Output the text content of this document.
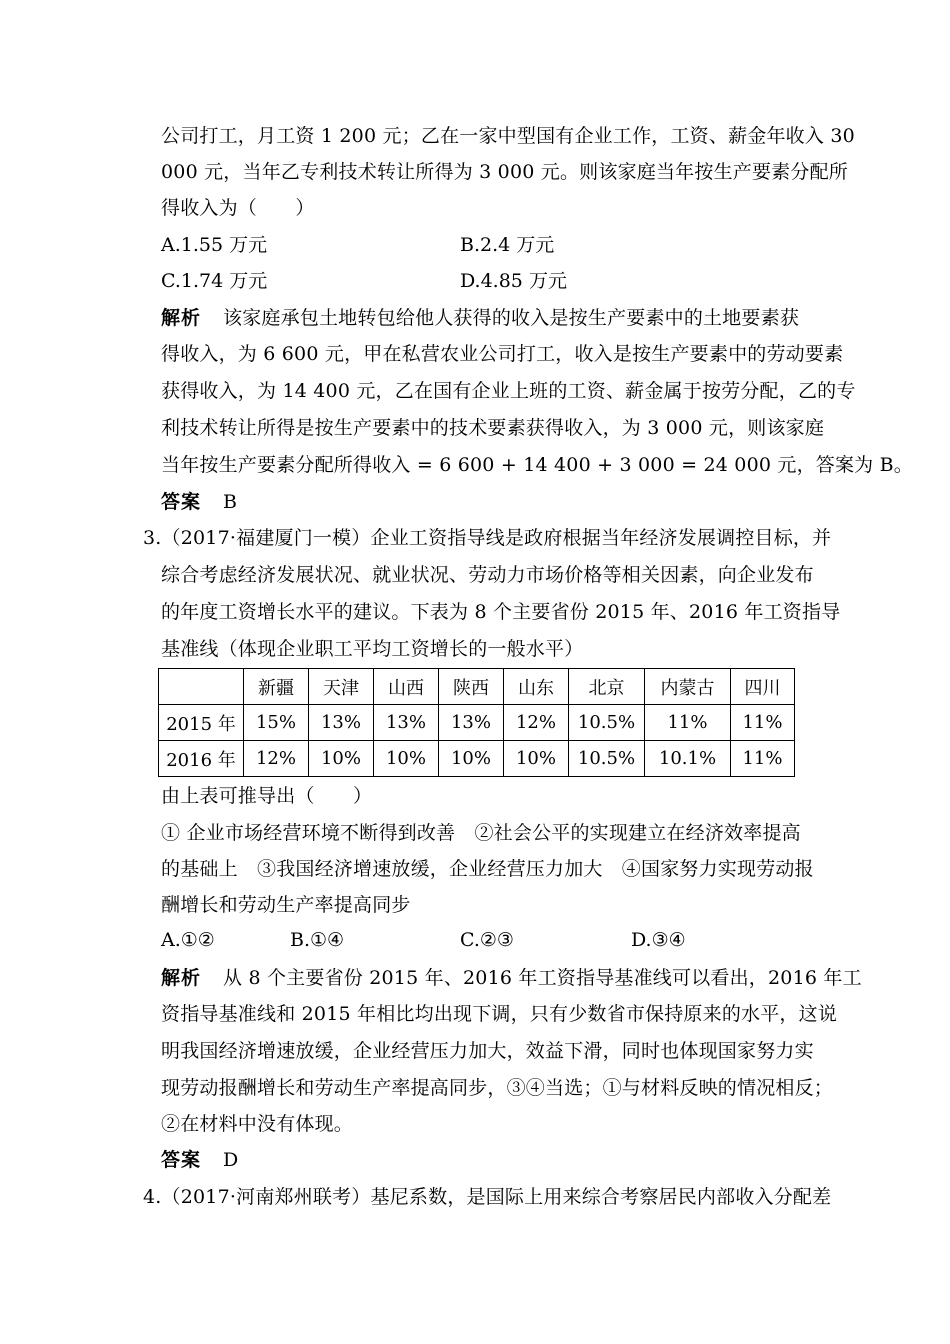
公司打工，月工资 1 200 元；乙在一家中型国有企业工作，工资、薪金年收入 30
000 元，当年乙专利技术转让所得为 3 000 元。则该家庭当年按生产要素分配所
得收入为（　　）
A.1.55 万元	B.2.4 万元
C.1.74 万元	D.4.85 万元
解析 该家庭承包土地转包给他人获得的收入是按生产要素中的土地要素获
得收入，为 6 600 元，甲在私营农业公司打工，收入是按生产要素中的劳动要素
获得收入，为 14 400 元，乙在国有企业上班的工资、薪金属于按劳分配，乙的专
利技术转让所得是按生产要素中的技术要素获得收入，为 3 000 元，则该家庭
当年按生产要素分配所得收入 = 6 600 + 14 400 + 3 000 = 24 000 元，答案为 B。
答案 B
3.（2017·福建厦门一模）企业工资指导线是政府根据当年经济发展调控目标，并
综合考虑经济发展状况、就业状况、劳动力市场价格等相关因素，向企业发布
的年度工资增长水平的建议。下表为 8 个主要省份 2015 年、2016 年工资指导
基准线（体现企业职工平均工资增长的一般水平）
	新疆	天津	山西	陕西	山东	北京	内蒙古	四川
2015 年	15%	13%	13%	13%	12%	10.5%	11%	11%
2016 年	12%	10%	10%	10%	10%	10.5%	10.1%	11%
由上表可推导出（　　）
① 企业市场经营环境不断得到改善　②社会公平的实现建立在经济效率提高
的基础上　③我国经济增速放缓，企业经营压力加大　④国家努力实现劳动报
酬增长和劳动生产率提高同步
A.①②	B.①④	C.②③	D.③④
解析 从 8 个主要省份 2015 年、2016 年工资指导基准线可以看出，2016 年工
资指导基准线和 2015 年相比均出现下调，只有少数省市保持原来的水平，这说
明我国经济增速放缓，企业经营压力加大，效益下滑，同时也体现国家努力实
现劳动报酬增长和劳动生产率提高同步，③④当选；①与材料反映的情况相反；
②在材料中没有体现。
答案 D
4.（2017·河南郑州联考）基尼系数，是国际上用来综合考察居民内部收入分配差
